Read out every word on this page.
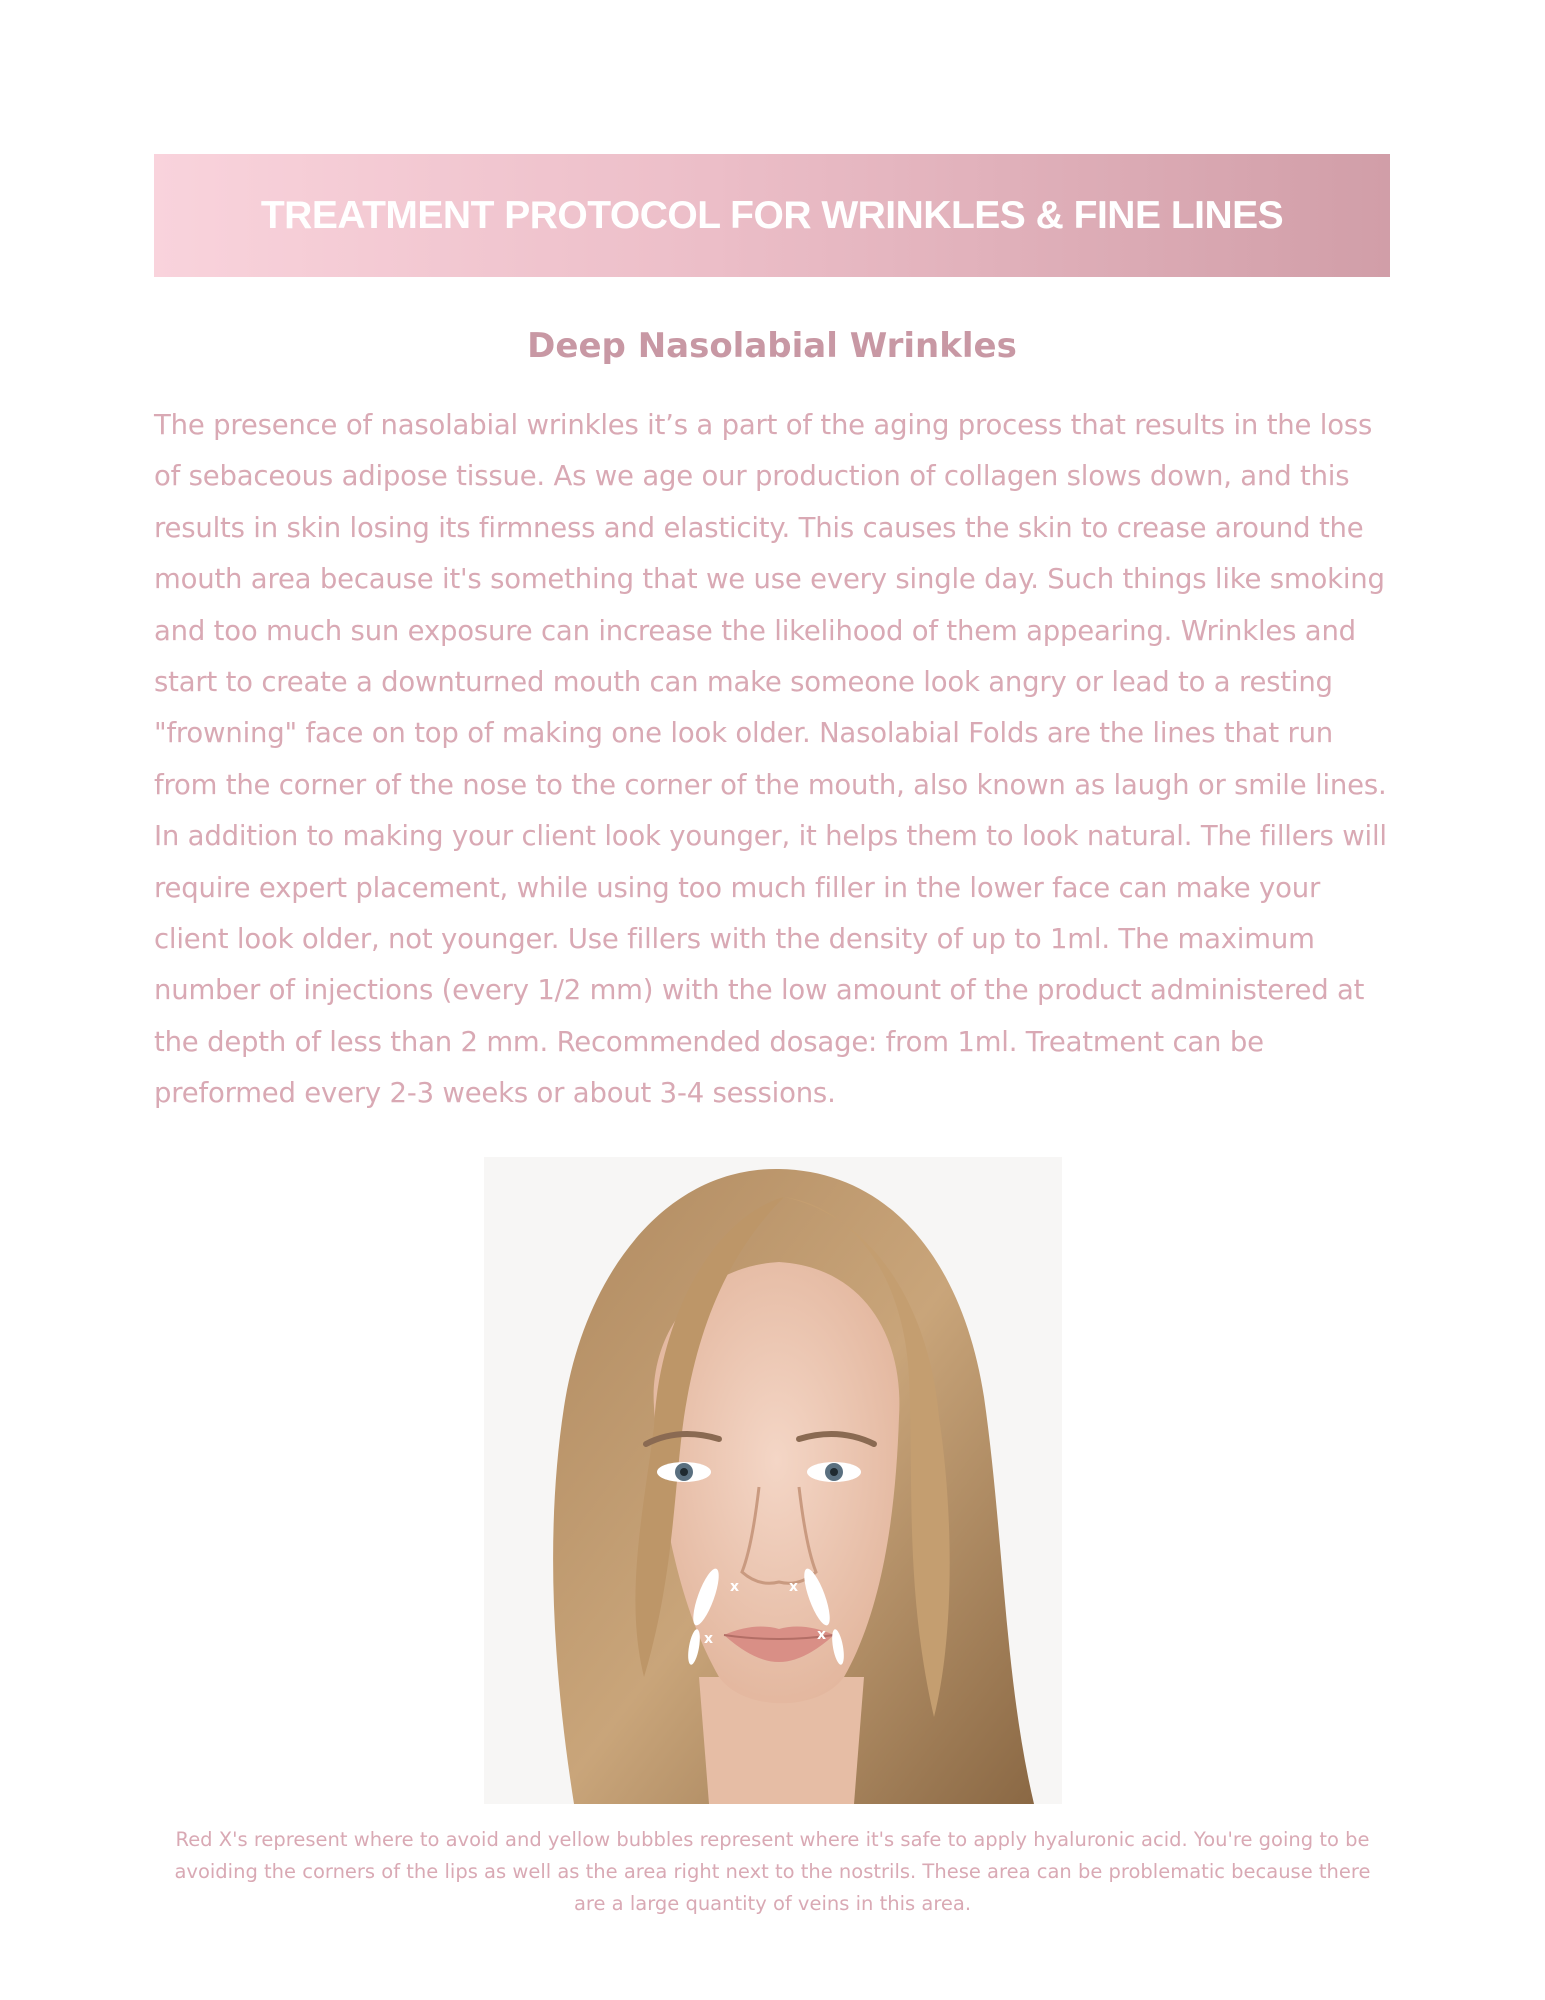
TREATMENT PROTOCOL FOR WRINKLES & FINE LINES
Deep Nasolabial Wrinkles

The presence of nasolabial wrinkles it’s a part of the aging process that results in the loss of sebaceous adipose tissue. As we age our production of collagen slows down, and this results in skin losing its firmness and elasticity. This causes the skin to crease around the mouth area because it's something that we use every single day. Such things like smoking and too much sun exposure can increase the likelihood of them appearing. Wrinkles and start to create a downturned mouth can make someone look angry or lead to a resting "frowning" face on top of making one look older. Nasolabial Folds are the lines that run from the corner of the nose to the corner of the mouth, also known as laugh or smile lines. In addition to making your client look younger, it helps them to look natural. The fillers will require expert placement, while using too much filler in the lower face can make your client look older, not younger. Use fillers with the density of up to 1ml. The maximum number of injections (every 1/2 mm) with the low amount of the product administered at the depth of less than 2 mm. Recommended dosage: from 1ml. Treatment can be preformed every 2-3 weeks or about 3-4 sessions.

x	x
x	x

Red X's represent where to avoid and yellow bubbles represent where it's safe to apply hyaluronic acid. You're going to be avoiding the corners of the lips as well as the area right next to the nostrils. These area can be problematic because there are a large quantity of veins in this area.
